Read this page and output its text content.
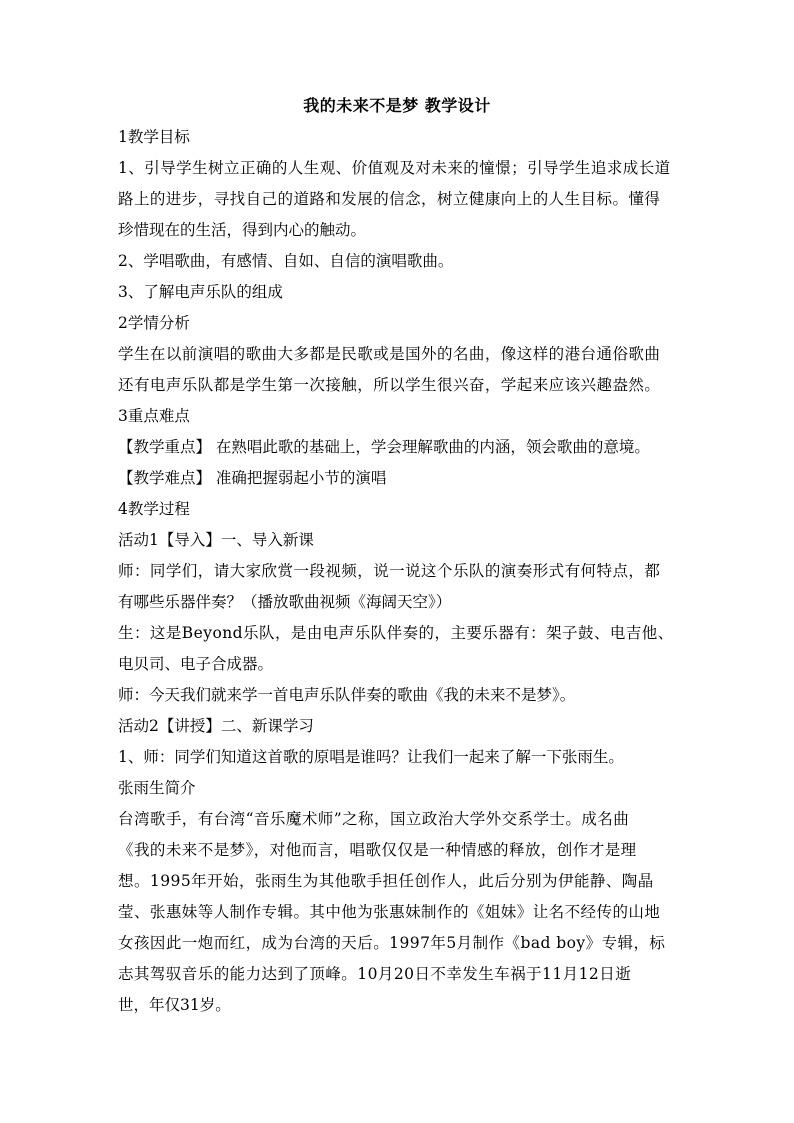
我的未来不是梦 教学设计
1教学目标
1、引导学生树立正确的人生观、价值观及对未来的憧憬；引导学生追求成长道
路上的进步，寻找自己的道路和发展的信念，树立健康向上的人生目标。懂得
珍惜现在的生活，得到内心的触动。
2、学唱歌曲，有感情、自如、自信的演唱歌曲。
3、了解电声乐队的组成
2学情分析
学生在以前演唱的歌曲大多都是民歌或是国外的名曲，像这样的港台通俗歌曲
还有电声乐队都是学生第一次接触，所以学生很兴奋，学起来应该兴趣盎然。
3重点难点
【教学重点】 在熟唱此歌的基础上，学会理解歌曲的内涵，领会歌曲的意境。
【教学难点】 准确把握弱起小节的演唱
4教学过程
活动1【导入】一、导入新课
师：同学们，请大家欣赏一段视频，说一说这个乐队的演奏形式有何特点，都
有哪些乐器伴奏？（播放歌曲视频《海阔天空》）
生：这是Beyond乐队，是由电声乐队伴奏的，主要乐器有：架子鼓、电吉他、
电贝司、电子合成器。
师：今天我们就来学一首电声乐队伴奏的歌曲《我的未来不是梦》。
活动2【讲授】二、新课学习
1、师：同学们知道这首歌的原唱是谁吗？让我们一起来了解一下张雨生。
张雨生简介
台湾歌手，有台湾“音乐魔术师”之称，国立政治大学外交系学士。成名曲
《我的未来不是梦》，对他而言，唱歌仅仅是一种情感的释放，创作才是理
想。1995年开始，张雨生为其他歌手担任创作人，此后分别为伊能静、陶晶
莹、张惠妹等人制作专辑。其中他为张惠妹制作的《姐妹》让名不经传的山地
女孩因此一炮而红，成为台湾的天后。1997年5月制作《bad boy》专辑，标
志其驾驭音乐的能力达到了顶峰。10月20日不幸发生车祸于11月12日逝
世，年仅31岁。
